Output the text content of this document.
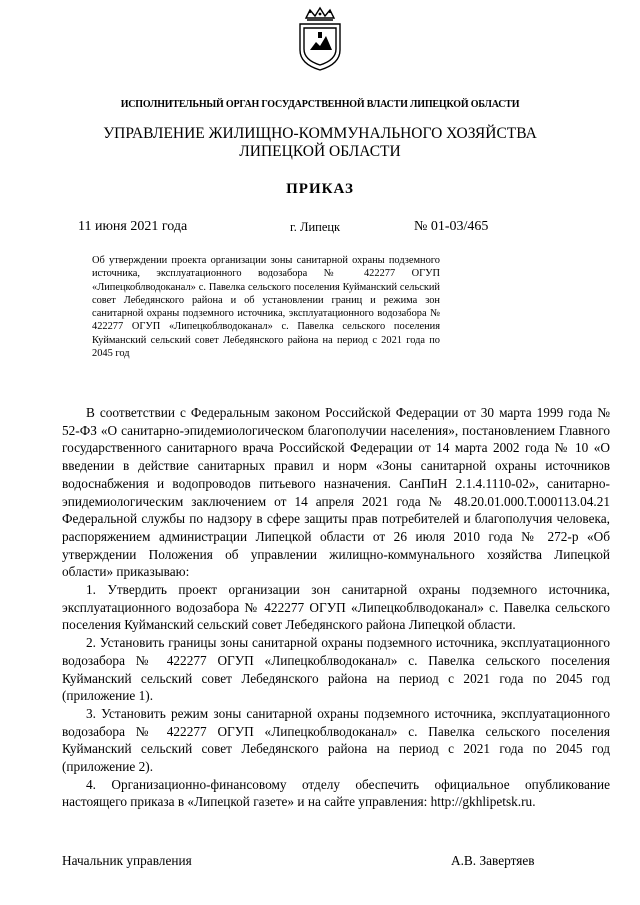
ИСПОЛНИТЕЛЬНЫЙ ОРГАН ГОСУДАРСТВЕННОЙ ВЛАСТИ ЛИПЕЦКОЙ ОБЛАСТИ
УПРАВЛЕНИЕ ЖИЛИЩНО-КОММУНАЛЬНОГО ХОЗЯЙСТВА
ЛИПЕЦКОЙ ОБЛАСТИ
ПРИКАЗ
11 июня 2021 года	г. Липецк	№ 01-03/465
Об утверждении проекта организации зоны санитарной охраны подземного источника, эксплуатационного водозабора № 422277 ОГУП «Липецкоблводоканал» с. Павелка сельского поселения Куйманский сельский совет Лебедянского района и об установлении границ и режима зон санитарной охраны подземного источника, эксплуатационного водозабора № 422277 ОГУП «Липецкоблводоканал» с. Павелка сельского поселения Куйманский сельский совет Лебедянского района на период с 2021 года по 2045 год

В соответствии с Федеральным законом Российской Федерации от 30 марта 1999 года № 52-ФЗ «О санитарно-эпидемиологическом благополучии населения», постановлением Главного государственного санитарного врача Российской Федерации от 14 марта 2002 года № 10 «О введении в действие санитарных правил и норм «Зоны санитарной охраны источников водоснабжения и водопроводов питьевого назначения. СанПиН 2.1.4.1110-02», санитарно-эпидемиологическим заключением от 14 апреля 2021 года № 48.20.01.000.Т.000113.04.21 Федеральной службы по надзору в сфере защиты прав потребителей и благополучия человека, распоряжением администрации Липецкой области от 26 июля 2010 года № 272-р «Об утверждении Положения об управлении жилищно-коммунального хозяйства Липецкой области» приказываю:

1. Утвердить проект организации зон санитарной охраны подземного источника, эксплуатационного водозабора № 422277 ОГУП «Липецкоблводоканал» с. Павелка сельского поселения Куйманский сельский совет Лебедянского района Липецкой области.

2. Установить границы зоны санитарной охраны подземного источника, эксплуатационного водозабора № 422277 ОГУП «Липецкоблводоканал» с. Павелка сельского поселения Куйманский сельский совет Лебедянского района на период с 2021 года по 2045 год (приложение 1).

3. Установить режим зоны санитарной охраны подземного источника, эксплуатационного водозабора № 422277 ОГУП «Липецкоблводоканал» с. Павелка сельского поселения Куйманский сельский совет Лебедянского района на период с 2021 года по 2045 год (приложение 2).

4. Организационно-финансовому отделу обеспечить официальное опубликование настоящего приказа в «Липецкой газете» и на сайте управления: http://gkhlipetsk.ru.

Начальник управления	А.В. Завертяев
